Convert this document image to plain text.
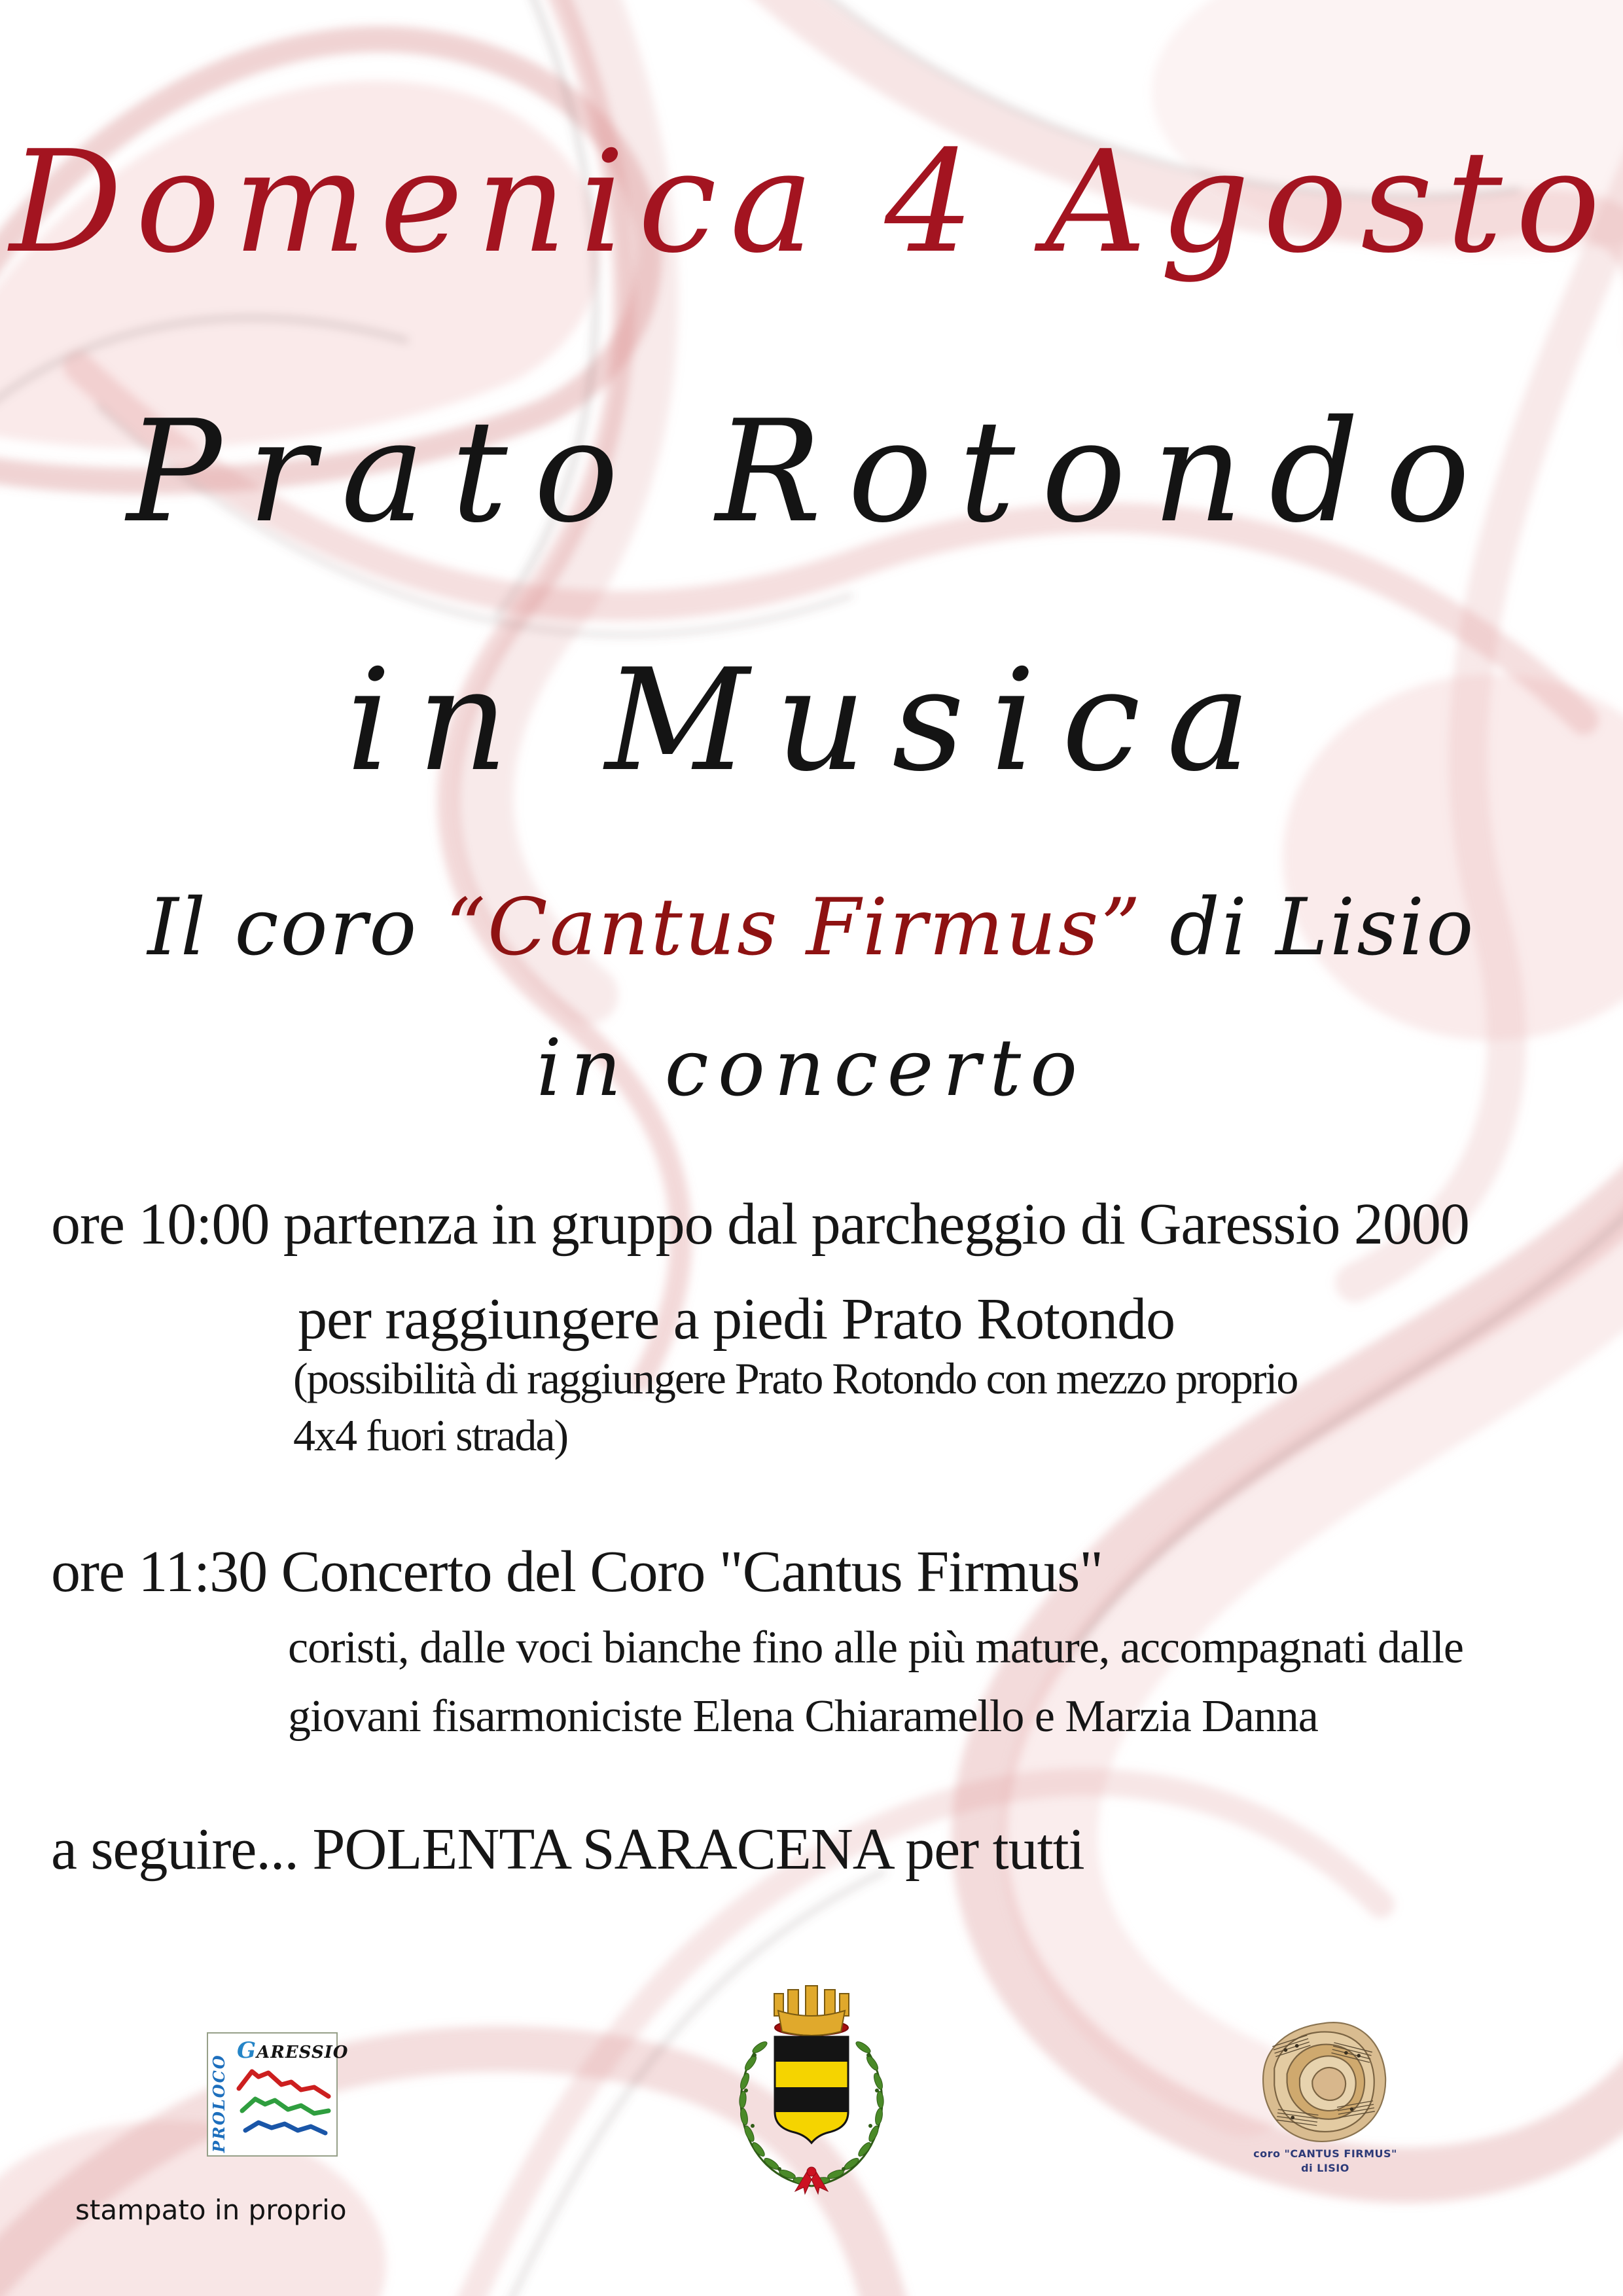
Domenica 4 Agosto
Prato Rotondo
in Musica
Il coro “Cantus Firmus” di Lisio
in concerto
ore 10:00 partenza in gruppo dal parcheggio di Garessio 2000
per raggiungere a piedi Prato Rotondo
(possibilità di raggiungere Prato Rotondo con mezzo proprio
4x4 fuori strada)
ore 11:30 Concerto del Coro "Cantus Firmus"
coristi, dalle voci bianche fino alle più mature, accompagnati dalle
giovani fisarmoniciste Elena Chiaramello e Marzia Danna
a seguire... POLENTA SARACENA per tutti
PROLOCO
GARESSIO
coro "CANTUS FIRMUS"
di LISIO
stampato in proprio
